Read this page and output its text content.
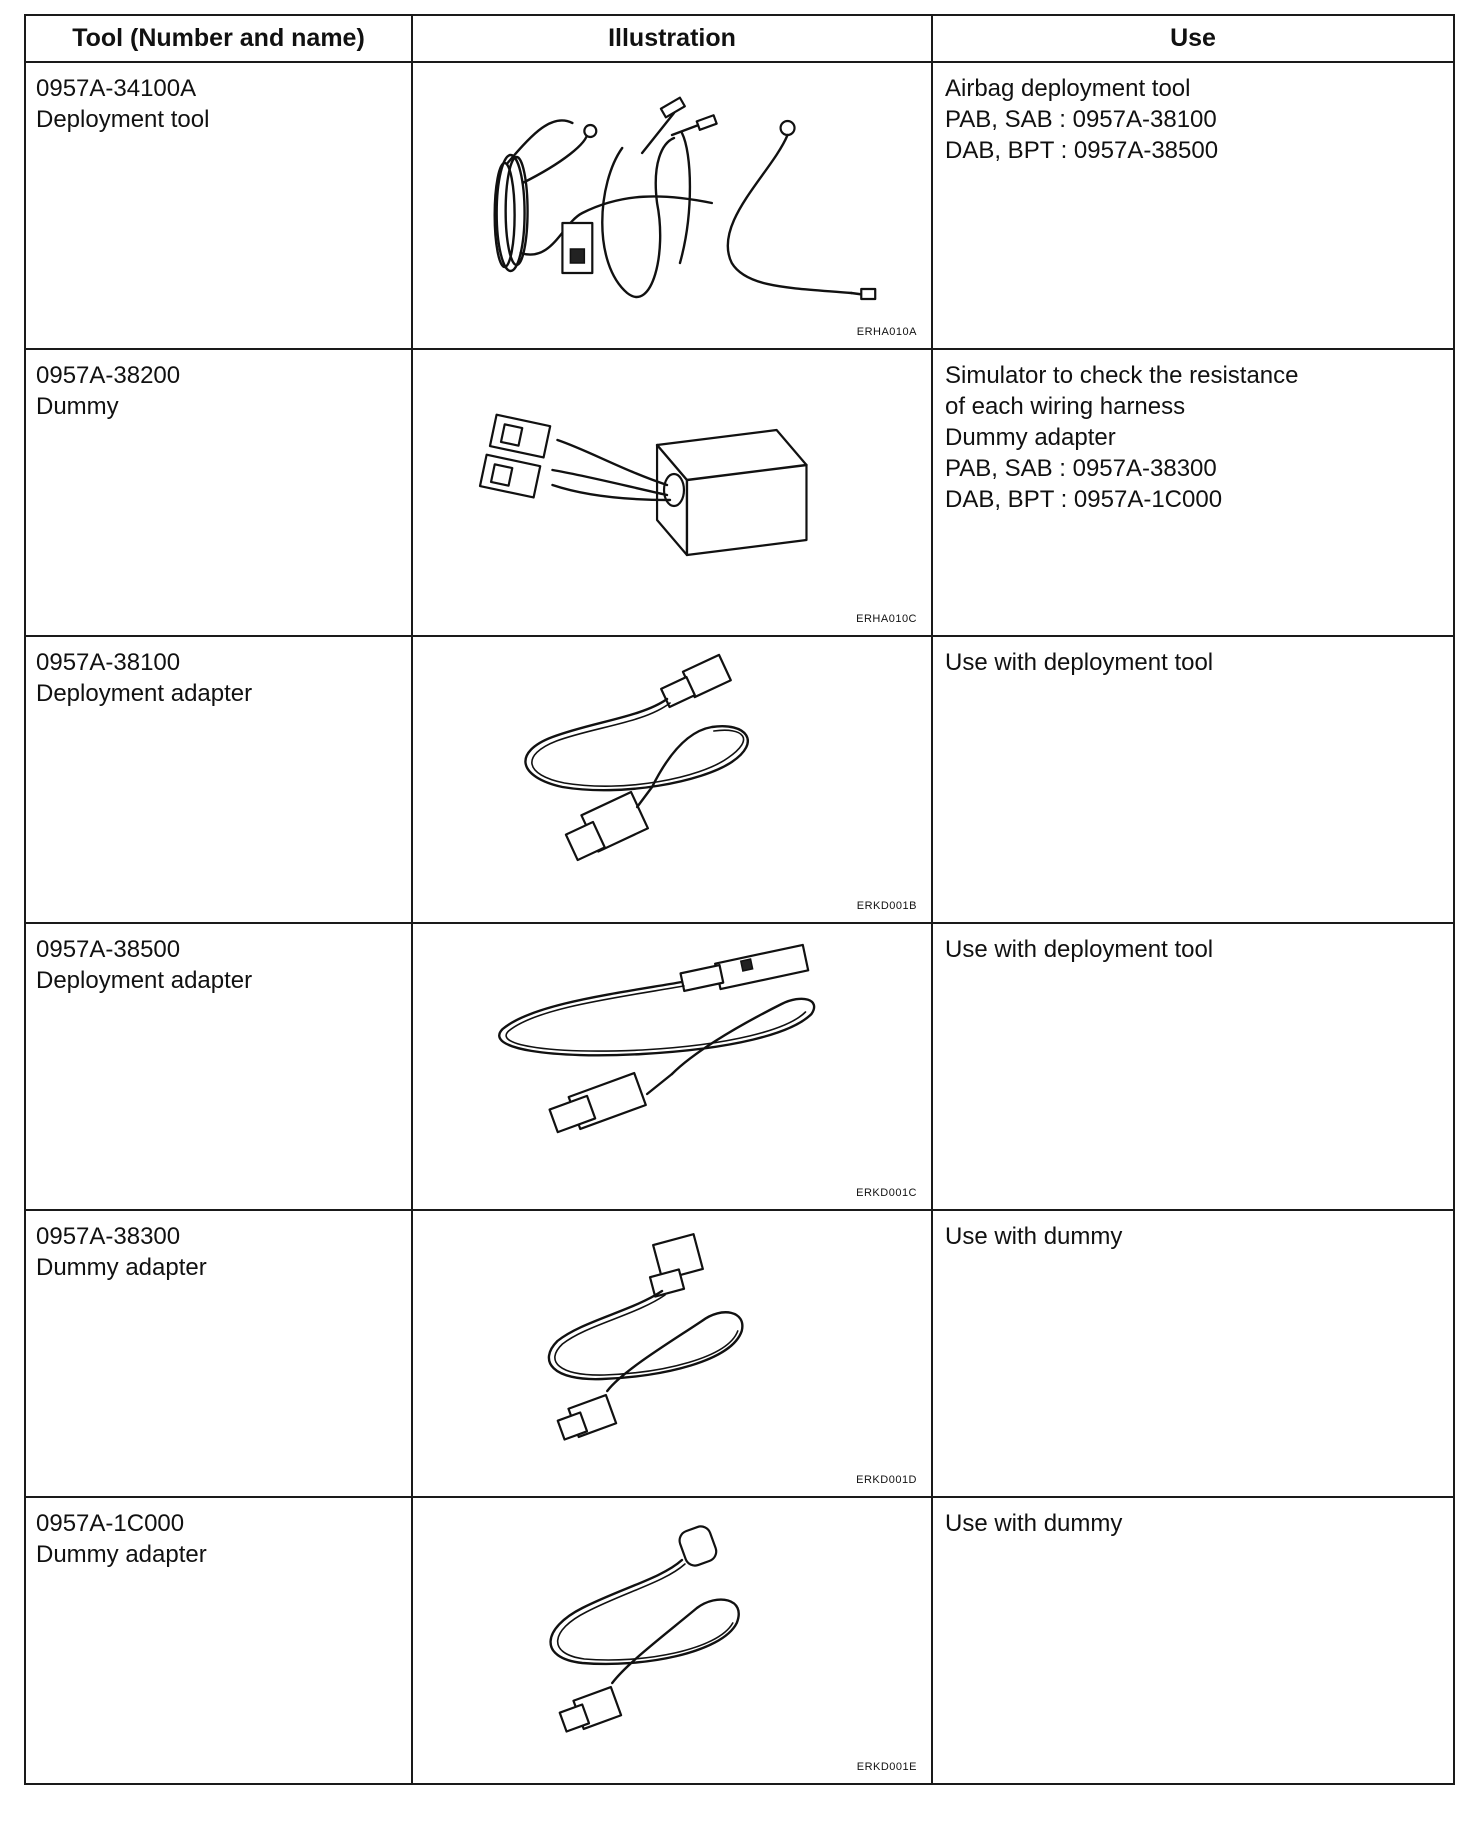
Tool (Number and name)	Illustration	Use

0957A-34100A
Deployment tool	ERHA010A	Airbag deployment tool
PAB, SAB : 0957A-38100
DAB, BPT : 0957A-38500

0957A-38200
Dummy	ERHA010C	Simulator to check the resistance
of each wiring harness
Dummy adapter
PAB, SAB : 0957A-38300
DAB, BPT : 0957A-1C000

0957A-38100
Deployment adapter	ERKD001B	Use with deployment tool

0957A-38500
Deployment adapter	ERKD001C	Use with deployment tool

0957A-38300
Dummy adapter	ERKD001D	Use with dummy

0957A-1C000
Dummy adapter	ERKD001E	Use with dummy
